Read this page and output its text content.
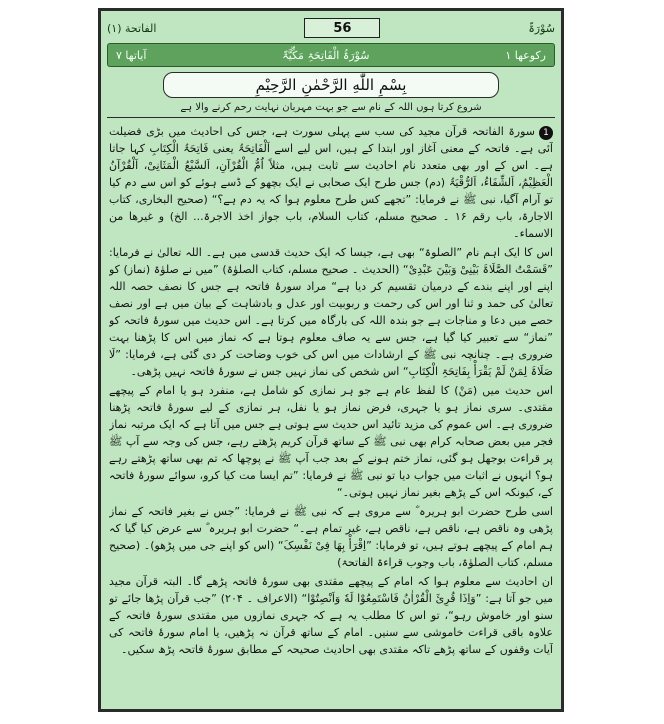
الفاتحة (۱)	56	سُوْرَۃٌ
آياتها ۷	سُوْرَۃُ الْفَاتِحَۃِ مَکِّیَّۃٌ	رکوعها ۱
بِسْمِ اللّٰهِ الرَّحْمٰنِ الرَّحِيْمِ
شروع کرتا ہوں اللہ کے نام سے جو بہت مہربان نہایت رحم کرنے والا ہے

1سورۃ الفاتحہ قرآن مجید کی سب سے پہلی سورت ہے، جس کی احادیث میں بڑی فضیلت آئی ہے۔ فاتحہ کے معنی آغاز اور ابتدا کے ہیں، اس لیے اسے اَلْفَاتِحَۃُ یعنی فَاتِحَۃُ الْکِتَابِ کہا جاتا ہے۔ اس کے اور بھی متعدد نام احادیث سے ثابت ہیں، مثلاً اُمُّ الْقُرْآنِ، اَلسَّبْعُ الْمَثَانِیْ، اَلْقُرْآنُ الْعَظِیْمُ، اَلشِّفَاءُ، اَلرُّقْیَۃُ (دم) جس طرح ایک صحابی نے ایک بچھو کے ڈسے ہوئے کو اس سے دم کیا تو آرام آگیا، نبی ﷺ نے فرمایا: ”تجھے کس طرح معلوم ہوا کہ یہ دم ہے؟“ (صحیح البخاری، کتاب الاجارۃ، باب رقم ۱۶ ۔ صحیح مسلم، کتاب السلام، باب جواز اخذ الاجرۃ... الخ) و غیرھا من الاسماء۔

اس کا ایک اہم نام ”الصلوۃ“ بھی ہے، جیسا کہ ایک حدیث قدسی میں ہے۔ اللہ تعالیٰ نے فرمایا: ”قَسَمْتُ الصَّلَاۃَ بَیْنِیْ وَبَیْنَ عَبْدِیْ“ (الحدیث ۔ صحیح مسلم، کتاب الصلوٰۃ) ”میں نے صلوٰۃ (نماز) کو اپنے اور اپنے بندے کے درمیان تقسیم کر دیا ہے“ مراد سورۂ فاتحہ ہے جس کا نصف حصہ اللہ تعالیٰ کی حمد و ثنا اور اس کی رحمت و ربوبیت اور عدل و بادشاہت کے بیان میں ہے اور نصف حصے میں دعا و مناجات ہے جو بندہ اللہ کی بارگاہ میں کرتا ہے۔ اس حدیث میں سورۂ فاتحہ کو ”نماز“ سے تعبیر کیا گیا ہے، جس سے یہ صاف معلوم ہوتا ہے کہ نماز میں اس کا پڑھنا بہت ضروری ہے۔ چنانچہ نبی ﷺ کے ارشادات میں اس کی خوب وضاحت کر دی گئی ہے، فرمایا: ”لَا صَلَاۃَ لِمَنْ لَمْ یَقْرَأْ بِفَاتِحَۃِ الْکِتَابِ“ اس شخص کی نماز نہیں جس نے سورۂ فاتحہ نہیں پڑھی۔

اس حدیث میں (مَنْ) کا لفظ عام ہے جو ہر نمازی کو شامل ہے، منفرد ہو یا امام کے پیچھے مقتدی۔ سری نماز ہو یا جہری، فرض نماز ہو یا نفل، ہر نمازی کے لیے سورۂ فاتحہ پڑھنا ضروری ہے۔ اس عموم کی مزید تائید اس حدیث سے ہوتی ہے جس میں آتا ہے کہ ایک مرتبہ نماز فجر میں بعض صحابہ کرام بھی نبی ﷺ کے ساتھ قرآن کریم پڑھتے رہے، جس کی وجہ سے آپ ﷺ پر قراءت بوجھل ہو گئی، نماز ختم ہونے کے بعد جب آپ ﷺ نے پوچھا کہ تم بھی ساتھ پڑھتے رہے ہو؟ انہوں نے اثبات میں جواب دیا تو نبی ﷺ نے فرمایا: ”تم ایسا مت کیا کرو، سوائے سورۂ فاتحہ کے، کیونکہ اس کے پڑھے بغیر نماز نہیں ہوتی۔“

اسی طرح حضرت ابو ہریرہ ؓ سے مروی ہے کہ نبی ﷺ نے فرمایا: ”جس نے بغیر فاتحہ کے نماز پڑھی وہ ناقص ہے، ناقص ہے، ناقص ہے، غیر تمام ہے۔“ حضرت ابو ہریرہ ؓ سے عرض کیا گیا کہ ہم امام کے پیچھے ہوتے ہیں، تو فرمایا: ”اِقْرَأْ بِھَا فِیْ نَفْسِکَ“ (اس کو اپنے جی میں پڑھو)۔ (صحیح مسلم، کتاب الصلوٰۃ، باب وجوب قراءۃ الفاتحۃ)

ان احادیث سے معلوم ہوا کہ امام کے پیچھے مقتدی بھی سورۂ فاتحہ پڑھے گا۔ البتہ قرآن مجید میں جو آتا ہے: ”وَاِذَا قُرِئَ الْقُرْاٰنُ فَاسْتَمِعُوْا لَهٗ وَاَنْصِتُوْا“ (الاعراف ۔ ۲۰۴) ”جب قرآن پڑھا جائے تو سنو اور خاموش رہو“، تو اس کا مطلب یہ ہے کہ جہری نمازوں میں مقتدی سورۂ فاتحہ کے علاوہ باقی قراءت خاموشی سے سنیں۔ امام کے ساتھ قرآن نہ پڑھیں، یا امام سورۂ فاتحہ کی آیات وقفوں کے ساتھ پڑھے تاکہ مقتدی بھی احادیث صحیحہ کے مطابق سورۂ فاتحہ پڑھ سکیں۔
